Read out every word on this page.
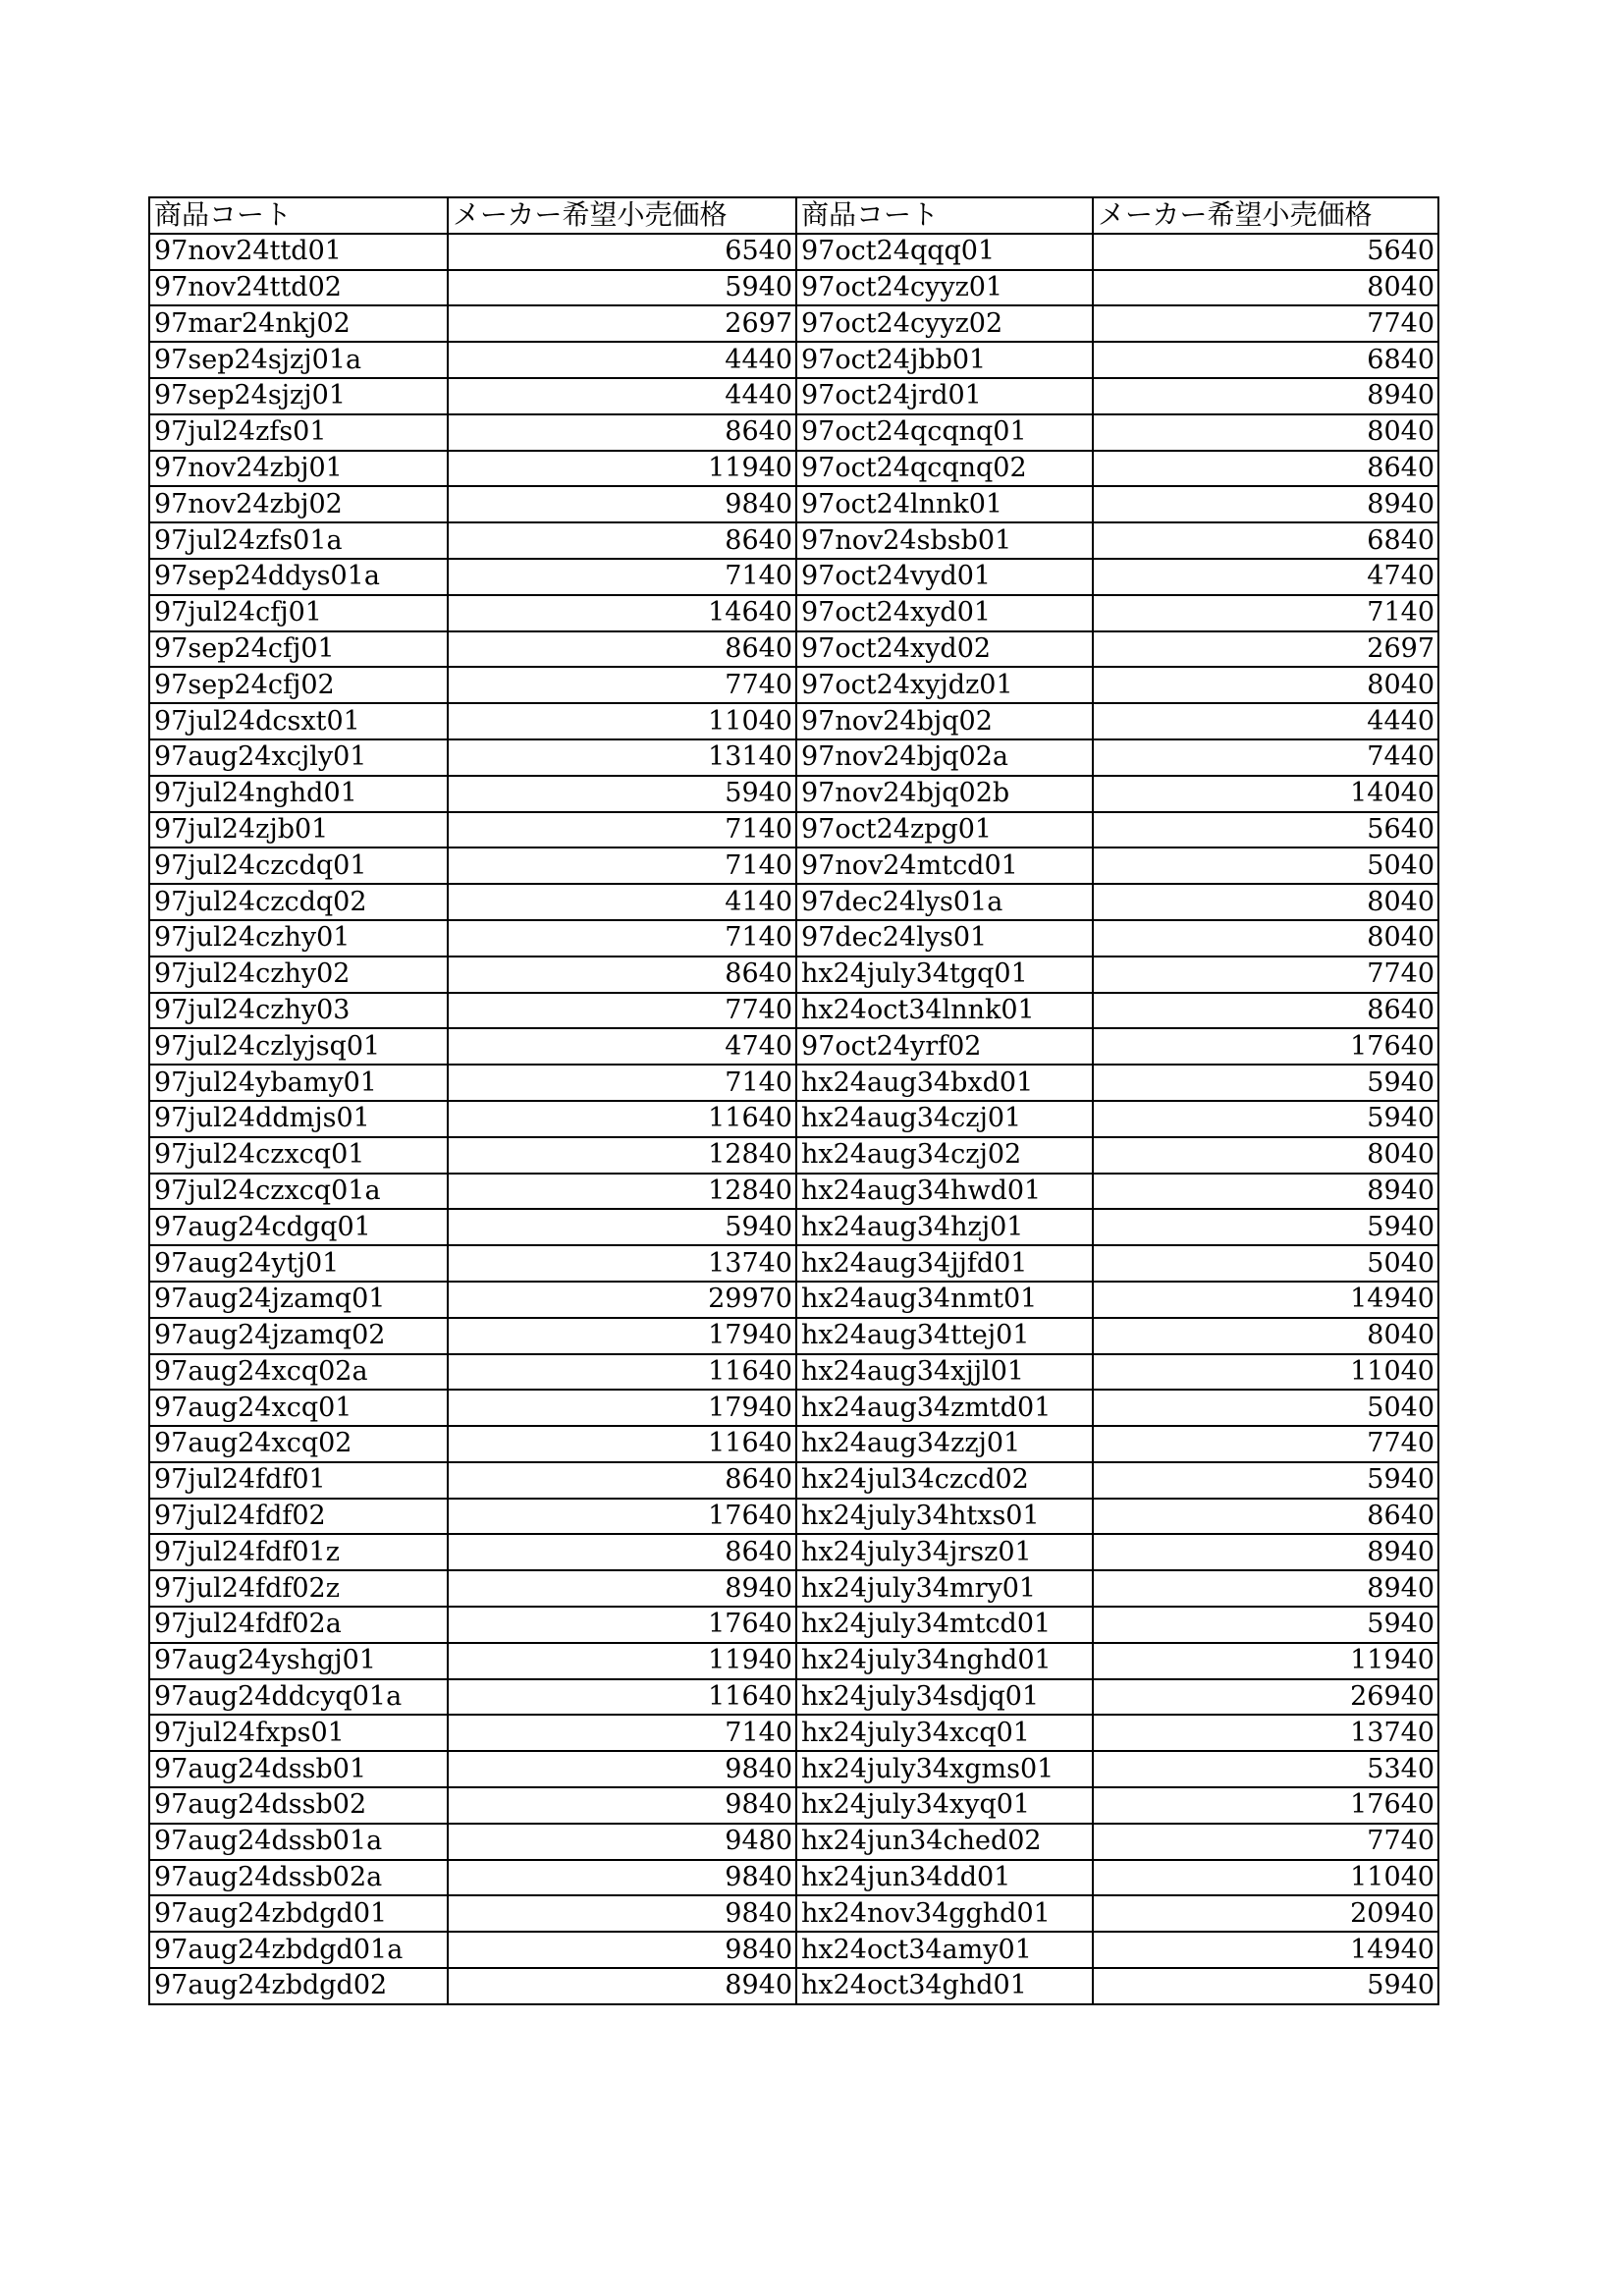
商品コート	メーカー希望小売価格	商品コート	メーカー希望小売価格
97nov24ttd01	6540	97oct24qqq01	5640
97nov24ttd02	5940	97oct24cyyz01	8040
97mar24nkj02	2697	97oct24cyyz02	7740
97sep24sjzj01a	4440	97oct24jbb01	6840
97sep24sjzj01	4440	97oct24jrd01	8940
97jul24zfs01	8640	97oct24qcqnq01	8040
97nov24zbj01	11940	97oct24qcqnq02	8640
97nov24zbj02	9840	97oct24lnnk01	8940
97jul24zfs01a	8640	97nov24sbsb01	6840
97sep24ddys01a	7140	97oct24vyd01	4740
97jul24cfj01	14640	97oct24xyd01	7140
97sep24cfj01	8640	97oct24xyd02	2697
97sep24cfj02	7740	97oct24xyjdz01	8040
97jul24dcsxt01	11040	97nov24bjq02	4440
97aug24xcjly01	13140	97nov24bjq02a	7440
97jul24nghd01	5940	97nov24bjq02b	14040
97jul24zjb01	7140	97oct24zpg01	5640
97jul24czcdq01	7140	97nov24mtcd01	5040
97jul24czcdq02	4140	97dec24lys01a	8040
97jul24czhy01	7140	97dec24lys01	8040
97jul24czhy02	8640	hx24july34tgq01	7740
97jul24czhy03	7740	hx24oct34lnnk01	8640
97jul24czlyjsq01	4740	97oct24yrf02	17640
97jul24ybamy01	7140	hx24aug34bxd01	5940
97jul24ddmjs01	11640	hx24aug34czj01	5940
97jul24czxcq01	12840	hx24aug34czj02	8040
97jul24czxcq01a	12840	hx24aug34hwd01	8940
97aug24cdgq01	5940	hx24aug34hzj01	5940
97aug24ytj01	13740	hx24aug34jjfd01	5040
97aug24jzamq01	29970	hx24aug34nmt01	14940
97aug24jzamq02	17940	hx24aug34ttej01	8040
97aug24xcq02a	11640	hx24aug34xjjl01	11040
97aug24xcq01	17940	hx24aug34zmtd01	5040
97aug24xcq02	11640	hx24aug34zzj01	7740
97jul24fdf01	8640	hx24jul34czcd02	5940
97jul24fdf02	17640	hx24july34htxs01	8640
97jul24fdf01z	8640	hx24july34jrsz01	8940
97jul24fdf02z	8940	hx24july34mry01	8940
97jul24fdf02a	17640	hx24july34mtcd01	5940
97aug24yshgj01	11940	hx24july34nghd01	11940
97aug24ddcyq01a	11640	hx24july34sdjq01	26940
97jul24fxps01	7140	hx24july34xcq01	13740
97aug24dssb01	9840	hx24july34xgms01	5340
97aug24dssb02	9840	hx24july34xyq01	17640
97aug24dssb01a	9480	hx24jun34ched02	7740
97aug24dssb02a	9840	hx24jun34dd01	11040
97aug24zbdgd01	9840	hx24nov34gghd01	20940
97aug24zbdgd01a	9840	hx24oct34amy01	14940
97aug24zbdgd02	8940	hx24oct34ghd01	5940
